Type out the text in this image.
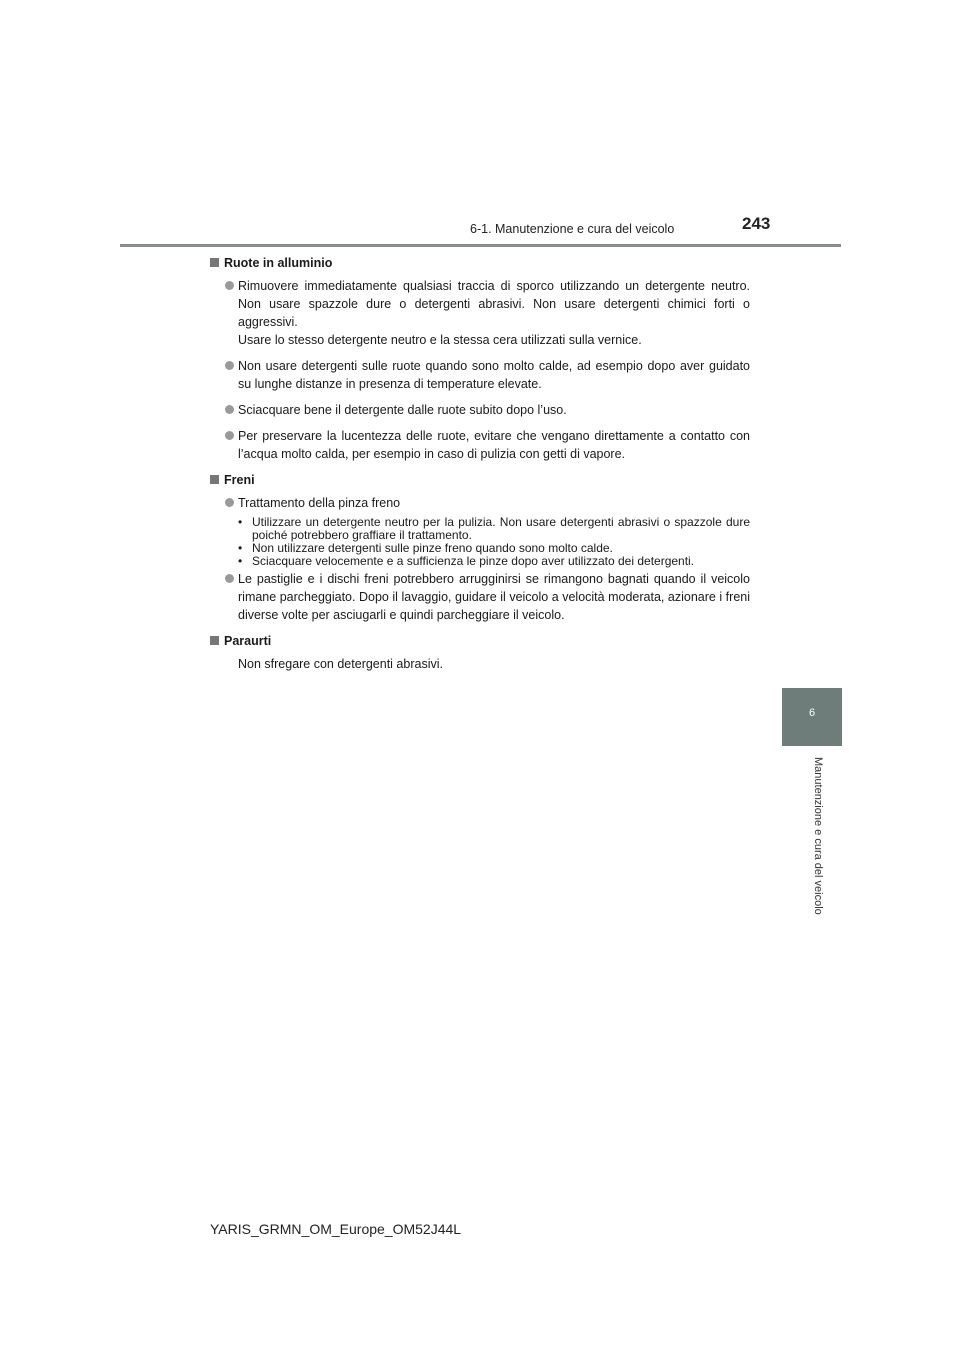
6-1. Manutenzione e cura del veicolo	243
6
Manutenzione e cura del veicolo
Ruote in alluminio

Rimuovere immediatamente qualsiasi traccia di sporco utilizzando un detergente neutro. Non usare spazzole dure o detergenti abrasivi. Non usare detergenti chimici forti o aggressivi.

Usare lo stesso detergente neutro e la stessa cera utilizzati sulla vernice.

Non usare detergenti sulle ruote quando sono molto calde, ad esempio dopo aver guidato su lunghe distanze in presenza di temperature elevate.

Sciacquare bene il detergente dalle ruote subito dopo l’uso.

Per preservare la lucentezza delle ruote, evitare che vengano direttamente a contatto con l’acqua molto calda, per esempio in caso di pulizia con getti di vapore.

Freni

Trattamento della pinza freno

• Utilizzare un detergente neutro per la pulizia. Non usare detergenti abrasivi o spazzole dure poiché potrebbero graffiare il trattamento.
• Non utilizzare detergenti sulle pinze freno quando sono molto calde.
• Sciacquare velocemente e a sufficienza le pinze dopo aver utilizzato dei detergenti.

Le pastiglie e i dischi freni potrebbero arrugginirsi se rimangono bagnati quando il veicolo rimane parcheggiato. Dopo il lavaggio, guidare il veicolo a velocità moderata, azionare i freni diverse volte per asciugarli e quindi parcheggiare il veicolo.

Paraurti
Non sfregare con detergenti abrasivi.
YARIS_GRMN_OM_Europe_OM52J44L
